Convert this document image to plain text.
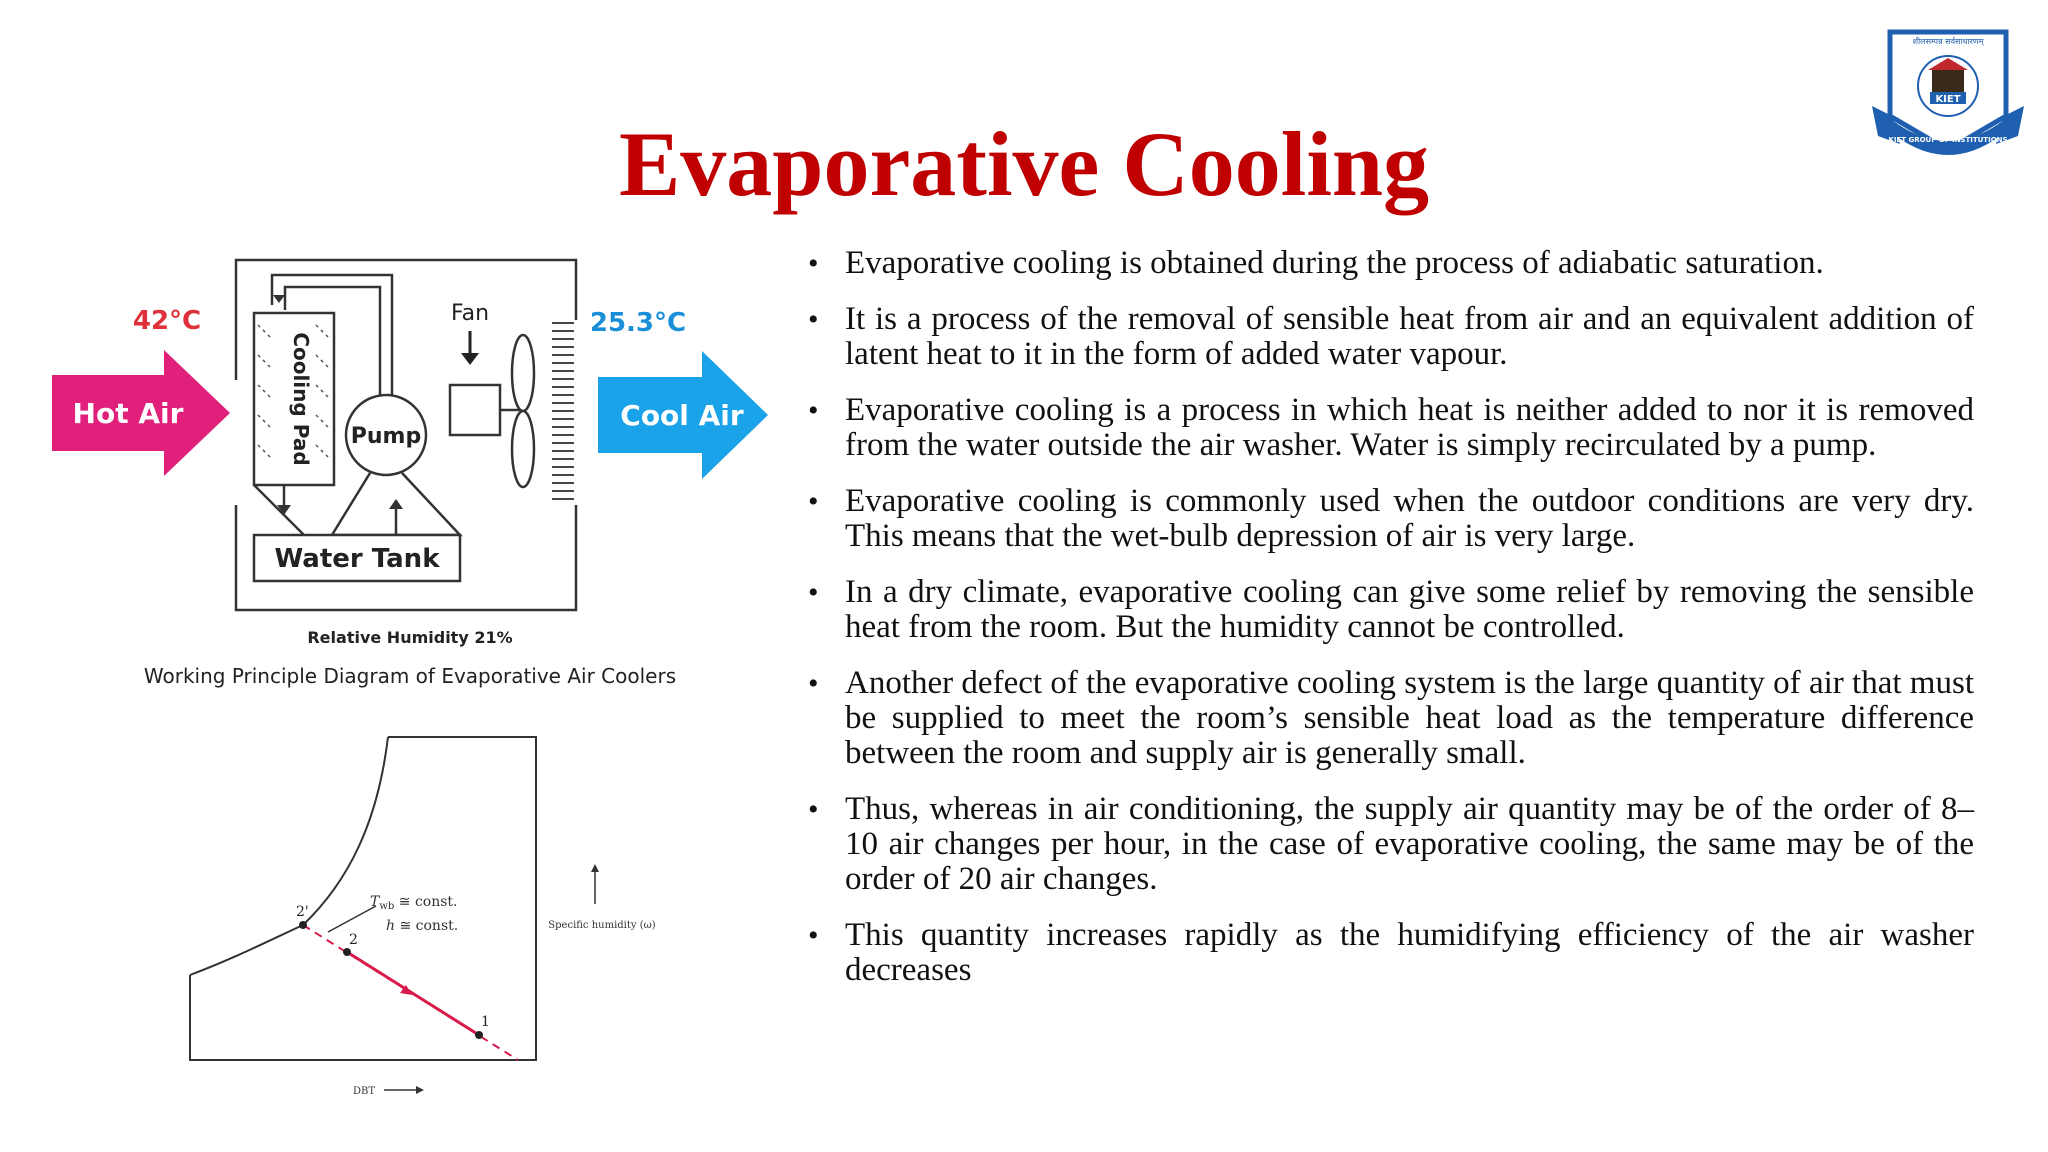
Evaporative Cooling
शीलसम्पन्न सर्वसाधारणम्
KIET
KIET GROUP OF INSTITUTIONS
Cooling Pad Pump
Water Tank
Fan
42°C
Hot Air
25.3°C
Cool Air
Relative Humidity 21%
Working Principle Diagram of Evaporative Air Coolers
2'
2
1
$T_{wb}$ ≅ const.
h ≅ const.	Specific humidity (ω)
DBT
• Evaporative cooling is obtained during the process of adiabatic saturation.
• It is a process of the removal of sensible heat from air and an equivalent addition of latent heat to it in the form of added water vapour.
• Evaporative cooling is a process in which heat is neither added to nor it is removed from the water outside the air washer. Water is simply recirculated by a pump.
• Evaporative cooling is commonly used when the outdoor conditions are very dry. This means that the wet-bulb depression of air is very large.
• In a dry climate, evaporative cooling can give some relief by removing the sensible heat from the room. But the humidity cannot be controlled.
• Another defect of the evaporative cooling system is the large quantity of air that must be supplied to meet the room’s sensible heat load as the temperature difference between the room and supply air is generally small.
• Thus, whereas in air conditioning, the supply air quantity may be of the order of 8–10 air changes per hour, in the case of evaporative cooling, the same may be of the order of 20 air changes.
• This quantity increases rapidly as the humidifying efficiency of the air washer decreases
